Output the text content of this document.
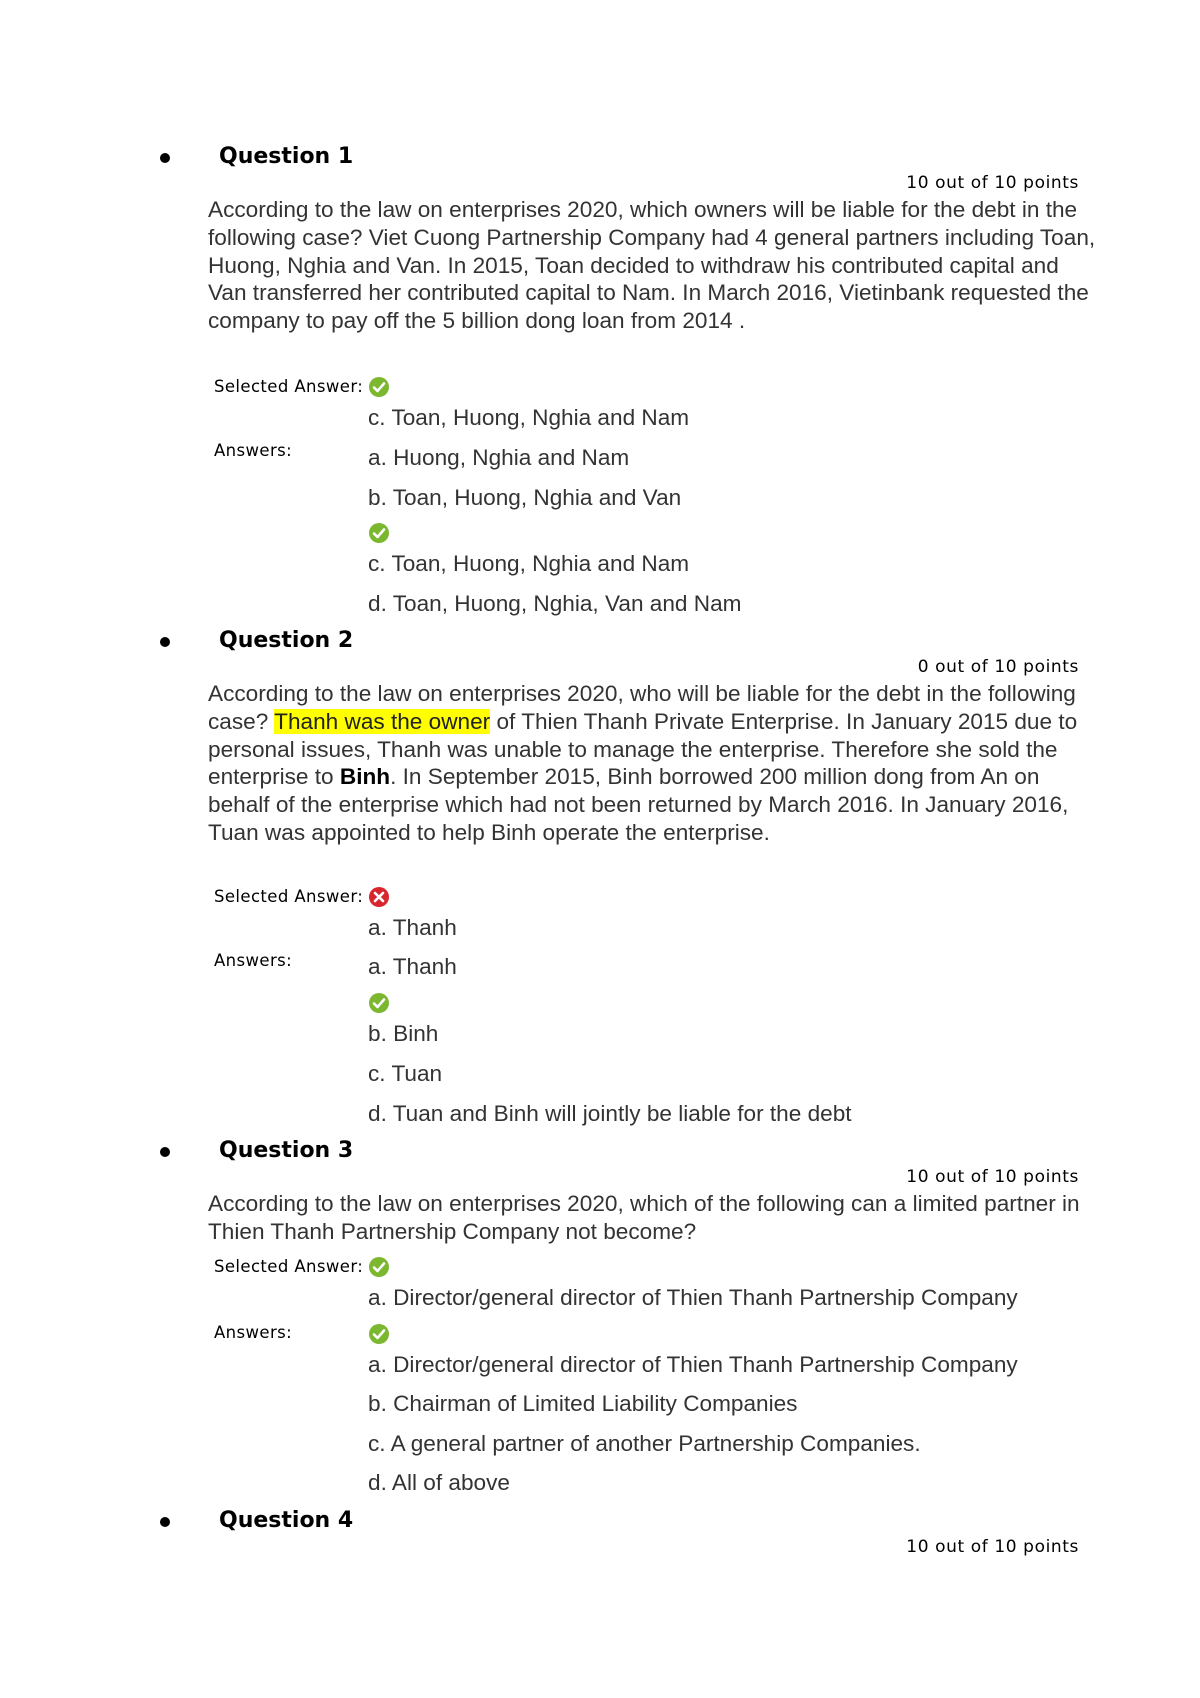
Question 1
10 out of 10 points
According to the law on enterprises 2020, which owners will be liable for the debt in the following case? Viet Cuong Partnership Company had 4 general partners including Toan, Huong, Nghia and Van. In 2015, Toan decided to withdraw his contributed capital and Van transferred her contributed capital to Nam. In March 2016, Vietinbank requested the company to pay off the 5 billion dong loan from 2014 .
Selected Answer:
c. Toan, Huong, Nghia and Nam
Answers:	a. Huong, Nghia and Nam
b. Toan, Huong, Nghia and Van
c. Toan, Huong, Nghia and Nam
d. Toan, Huong, Nghia, Van and Nam
Question 2
0 out of 10 points
According to the law on enterprises 2020, who will be liable for the debt in the following case? Thanh was the owner of Thien Thanh Private Enterprise. In January 2015 due to personal issues, Thanh was unable to manage the enterprise. Therefore she sold the enterprise to Binh. In September 2015, Binh borrowed 200 million dong from An on behalf of the enterprise which had not been returned by March 2016. In January 2016, Tuan was appointed to help Binh operate the enterprise.
Selected Answer:
a. Thanh
Answers:	a. Thanh
b. Binh
c. Tuan
d. Tuan and Binh will jointly be liable for the debt
Question 3
10 out of 10 points
According to the law on enterprises 2020, which of the following can a limited partner in Thien Thanh Partnership Company not become?
Selected Answer:
a. Director/general director of Thien Thanh Partnership Company
Answers:
a. Director/general director of Thien Thanh Partnership Company
b. Chairman of Limited Liability Companies
c. A general partner of another Partnership Companies.
d. All of above
Question 4
10 out of 10 points
